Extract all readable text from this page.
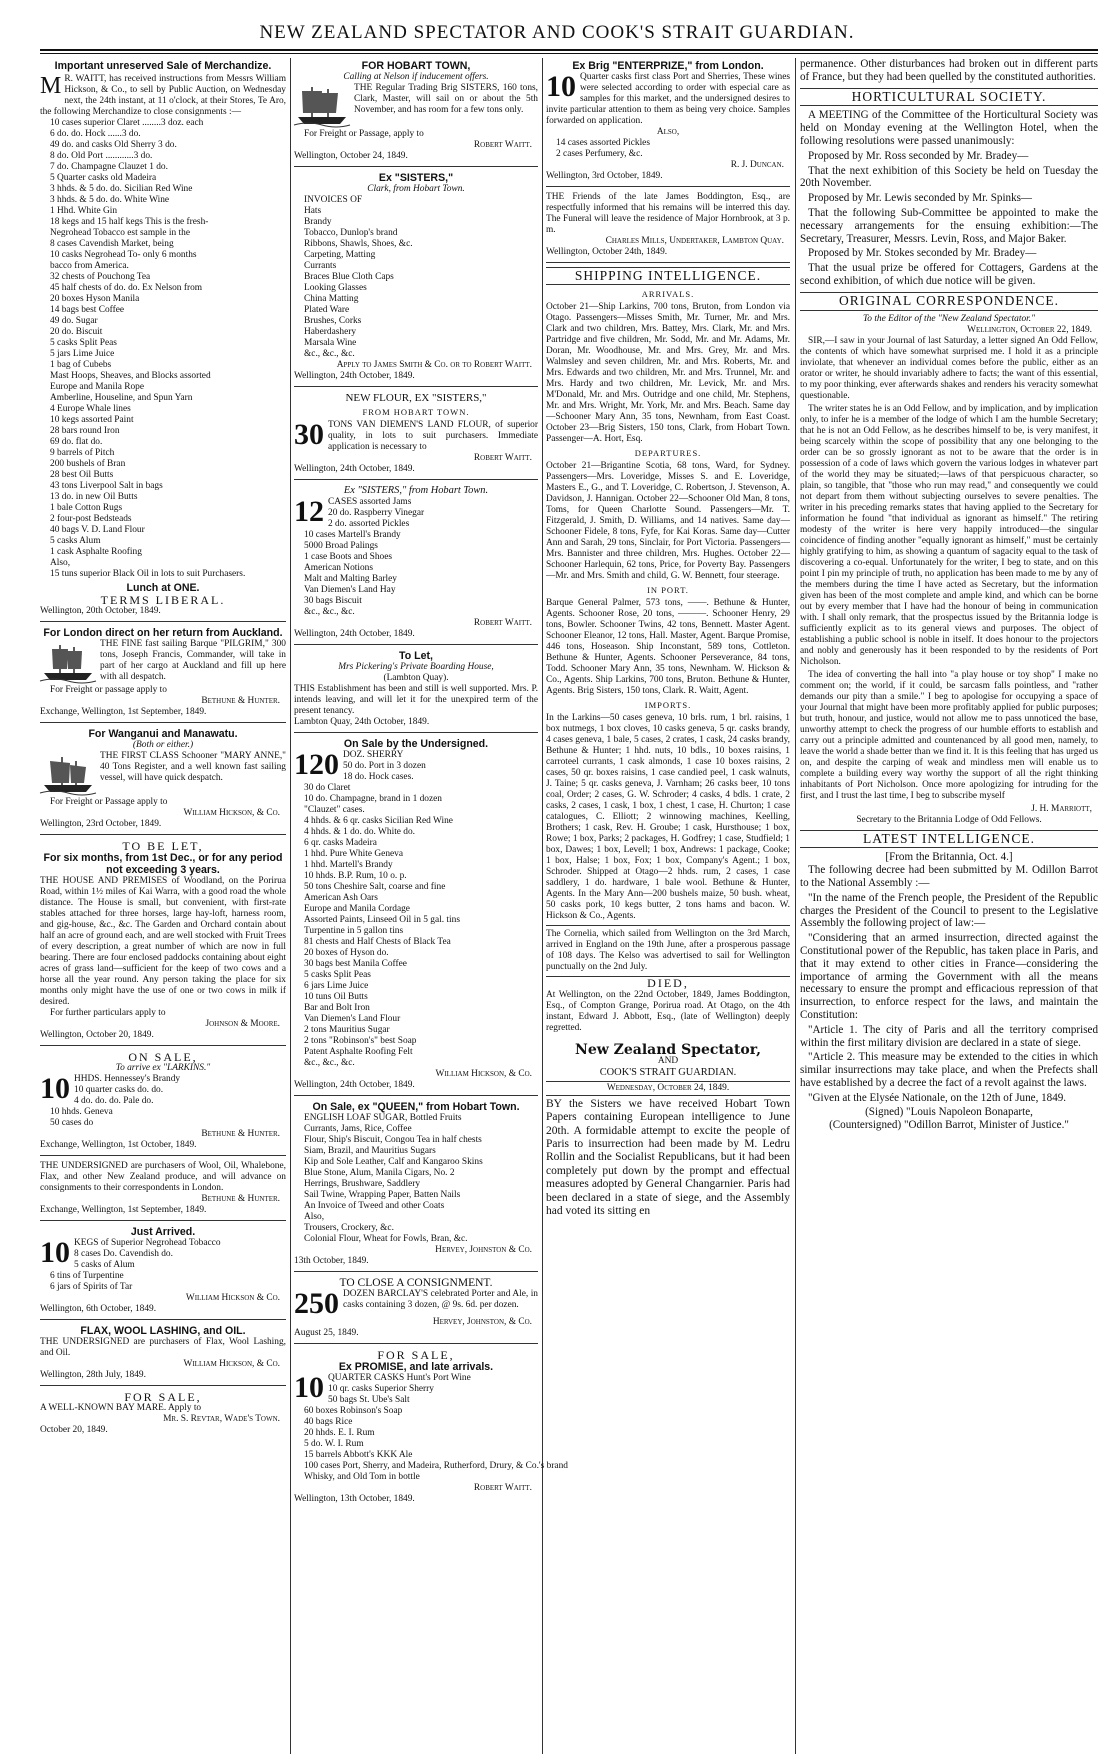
NEW ZEALAND SPECTATOR AND COOK'S STRAIT GUARDIAN.
Important unreserved Sale of Merchandize.
M R. WAITT, has received instructions from Messrs William Hickson, & Co., to sell by Public Auction, on Wednesday next, the 24th instant, at 11 o'clock, at their Stores, Te Aro, the following Merchandize to close consignments :—
10 cases superior Claret ........3 doz. each
6 do. do. Hock ......3 do.
49 do. and casks Old Sherry 3 do.
8 do. Old Port ............3 do.
7 do. Champagne Clauzet 1 do.
5 Quarter casks old Madeira
3 hhds. & 5 do. do. Sicilian Red Wine
3 hhds. & 5 do. do. White Wine
1 Hhd. White Gin
18 kegs and 15 half kegs This is the fresh-
Negrohead Tobacco est sample in the
8 cases Cavendish Market, being
10 casks Negrohead To- only 6 months
bacco from America.
32 chests of Pouchong Tea
45 half chests of do. do. Ex Nelson from
20 boxes Hyson Manila
14 bags best Coffee
49 do. Sugar
20 do. Biscuit
5 casks Split Peas
5 jars Lime Juice
1 bag of Cubebs
Mast Hoops, Sheaves, and Blocks assorted
Europe and Manila Rope
Amberline, Houseline, and Spun Yarn
4 Europe Whale lines
10 kegs assorted Paint
28 bars round Iron
69 do. flat do.
9 barrels of Pitch
200 bushels of Bran
28 best Oil Butts
43 tons Liverpool Salt in bags
13 do. in new Oil Butts
1 bale Cotton Rugs
2 four-post Bedsteads
40 bags V. D. Land Flour
5 casks Alum
1 cask Asphalte Roofing
Also,
15 tuns superior Black Oil in lots to suit Purchasers.
Lunch at ONE.
TERMS LIBERAL.
Wellington, 20th October, 1849.
For London direct on her return from Auckland.
THE FINE fast sailing Barque "PILGRIM," 300 tons, Joseph Francis, Commander, will take in part of her cargo at Auckland and fill up here with all despatch.
For Freight or passage apply to
Bethune & Hunter.
Exchange, Wellington, 1st September, 1849.
For Wanganui and Manawatu.
(Both or either.)
THE FIRST CLASS Schooner "MARY ANNE," 40 Tons Register, and a well known fast sailing vessel, will have quick despatch.
For Freight or Passage apply to
William Hickson, & Co.
Wellington, 23rd October, 1849.
TO BE LET,
For six months, from 1st Dec., or for any period not exceeding 3 years.
THE HOUSE AND PREMISES of Woodland, on the Porirua Road, within 1½ miles of Kai Warra, with a good road the whole distance. The House is small, but convenient, with first-rate stables attached for three horses, large hay-loft, harness room, and gig-house, &c., &c. The Garden and Orchard contain about half an acre of ground each, and are well stocked with Fruit Trees of every description, a great number of which are now in full bearing. There are four enclosed paddocks containing about eight acres of grass land—sufficient for the keep of two cows and a horse all the year round. Any person taking the place for six months only might have the use of one or two cows in milk if desired.
For further particulars apply to
Johnson & Moore.
Wellington, October 20, 1849.
ON SALE,
To arrive ex "LARKINS."
10 HHDS. Hennessey's Brandy
10 quarter casks do. do.
4 do. do. do. Pale do.
10 hhds. Geneva
50 cases do
Bethune & Hunter.
Exchange, Wellington, 1st October, 1849.
THE UNDERSIGNED are purchasers of Wool, Oil, Whalebone, Flax, and other New Zealand produce, and will advance on consignments to their correspondents in London.
Bethune & Hunter.
Exchange, Wellington, 1st September, 1849.
Just Arrived.
10 KEGS of Superior Negrohead Tobacco
8 cases Do. Cavendish do.
5 casks of Alum
6 tins of Turpentine
6 jars of Spirits of Tar
William Hickson & Co.
Wellington, 6th October, 1849.
FLAX, WOOL LASHING, and OIL.
THE UNDERSIGNED are purchasers of Flax, Wool Lashing, and Oil.
William Hickson, & Co.
Wellington, 28th July, 1849.
FOR SALE,
A WELL-KNOWN BAY MARE. Apply to
Mr. S. Revtar, Wade's Town.
October 20, 1849.
FOR HOBART TOWN,
Calling at Nelson if inducement offers.
THE Regular Trading Brig SISTERS, 160 tons, Clark, Master, will sail on or about the 5th November, and has room for a few tons only.
For Freight or Passage, apply to
Robert Waitt.
Wellington, October 24, 1849.
Ex "SISTERS,"
Clark, from Hobart Town.
INVOICES OF
Hats
Brandy
Tobacco, Dunlop's brand
Ribbons, Shawls, Shoes, &c.
Carpeting, Matting
Currants
Braces Blue Cloth Caps
Looking Glasses
China Matting
Plated Ware
Brushes, Corks
Haberdashery
Marsala Wine
&c., &c., &c.
Apply to James Smith & Co. or to Robert Waitt.
Wellington, 24th October, 1849.
NEW FLOUR, EX "SISTERS,"
FROM HOBART TOWN.
30 TONS VAN DIEMEN'S LAND FLOUR, of superior quality, in lots to suit purchasers. Immediate application is necessary to
Robert Waitt.
Wellington, 24th October, 1849.
Ex "SISTERS," from Hobart Town.
12 CASES assorted Jams
20 do. Raspberry Vinegar
2 do. assorted Pickles
10 cases Martell's Brandy
5000 Broad Palings
1 case Boots and Shoes
American Notions
Malt and Malting Barley
Van Diemen's Land Hay
30 bags Biscuit
&c., &c., &c.
Robert Waitt.
Wellington, 24th October, 1849.
To Let,
Mrs Pickering's Private Boarding House,
(Lambton Quay).
THIS Establishment has been and still is well supported. Mrs. P. intends leaving, and will let it for the unexpired term of the present tenancy.
Lambton Quay, 24th October, 1849.
On Sale by the Undersigned.
120 DOZ. SHERRY
50 do. Port in 3 dozen
18 do. Hock cases.
30 do Claret
10 do. Champagne, brand in 1 dozen
"Clauzet" cases.
4 hhds. & 6 qr. casks Sicilian Red Wine
4 hhds. & 1 do. do. White do.
6 qr. casks Madeira
1 hhd. Pure White Geneva
1 hhd. Martell's Brandy
10 hhds. B.P. Rum, 10 o. p.
50 tons Cheshire Salt, coarse and fine
American Ash Oars
Europe and Manila Cordage
Assorted Paints, Linseed Oil in 5 gal. tins
Turpentine in 5 gallon tins
81 chests and Half Chests of Black Tea
20 boxes of Hyson do.
30 bags best Manila Coffee
5 casks Split Peas
6 jars Lime Juice
10 tuns Oil Butts
Bar and Bolt Iron
Van Diemen's Land Flour
2 tons Mauritius Sugar
2 tons "Robinson's" best Soap
Patent Asphalte Roofing Felt
&c., &c., &c.
William Hickson, & Co.
Wellington, 24th October, 1849.
On Sale, ex "QUEEN," from Hobart Town.
ENGLISH LOAF SUGAR, Bottled Fruits
Currants, Jams, Rice, Coffee
Flour, Ship's Biscuit, Congou Tea in half chests
Siam, Brazil, and Mauritius Sugars
Kip and Sole Leather, Calf and Kangaroo Skins
Blue Stone, Alum, Manila Cigars, No. 2
Herrings, Brushware, Saddlery
Sail Twine, Wrapping Paper, Batten Nails
An Invoice of Tweed and other Coats
Also,
Trousers, Crockery, &c.
Colonial Flour, Wheat for Fowls, Bran, &c.
Hervey, Johnston & Co.
13th October, 1849.
TO CLOSE A CONSIGNMENT.
250 DOZEN BARCLAY'S celebrated Porter and Ale, in casks containing 3 dozen, @ 9s. 6d. per dozen.
Hervey, Johnston, & Co.
August 25, 1849.
FOR SALE,
Ex PROMISE, and late arrivals.
10 QUARTER CASKS Hunt's Port Wine
10 qr. casks Superior Sherry
50 bags St. Ube's Salt
60 boxes Robinson's Soap
40 bags Rice
20 hhds. E. I. Rum
5 do. W. I. Rum
15 barrels Abbott's KKK Ale
100 cases Port, Sherry, and Madeira, Rutherford, Drury, & Co.'s brand
Whisky, and Old Tom in bottle
Robert Waitt.
Wellington, 13th October, 1849.
Ex Brig "ENTERPRIZE," from London.
10 Quarter casks first class Port and Sherries, These wines were selected according to order with especial care as samples for this market, and the undersigned desires to invite particular attention to them as being very choice. Samples forwarded on application.
Also,
14 cases assorted Pickles
2 cases Perfumery, &c.
R. J. Duncan.
Wellington, 3rd October, 1849.
THE Friends of the late James Boddington, Esq., are respectfully informed that his remains will be interred this day. The Funeral will leave the residence of Major Hornbrook, at 3 p. m.
Charles Mills, Undertaker, Lambton Quay.
Wellington, October 24th, 1849.
SHIPPING INTELLIGENCE.
ARRIVALS.
October 21—Ship Larkins, 700 tons, Bruton, from London via Otago. Passengers—Misses Smith, Mr. Turner, Mr. and Mrs. Clark and two children, Mrs. Battey, Mrs. Clark, Mr. and Mrs. Partridge and five children, Mr. Sodd, Mr. and Mr. Adams, Mr. Doran, Mr. Woodhouse, Mr. and Mrs. Grey, Mr. and Mrs. Walmsley and seven children, Mr. and Mrs. Roberts, Mr. and Mrs. Edwards and two children, Mr. and Mrs. Trunnel, Mr. and Mrs. Hardy and two children, Mr. Levick, Mr. and Mrs. M'Donald, Mr. and Mrs. Outridge and one child, Mr. Stephens, Mr. and Mrs. Wright, Mr. York, Mr. and Mrs. Beach. Same day—Schooner Mary Ann, 35 tons, Newnham, from East Coast. October 23—Brig Sisters, 150 tons, Clark, from Hobart Town. Passenger—A. Hort, Esq.
DEPARTURES.
October 21—Brigantine Scotia, 68 tons, Ward, for Sydney. Passengers—Mrs. Loveridge, Misses S. and E. Loveridge, Masters E., G., and T. Loveridge, C. Robertson, J. Stevenson, A. Davidson, J. Hannigan. October 22—Schooner Old Man, 8 tons, Toms, for Queen Charlotte Sound. Passengers—Mr. T. Fitzgerald, J. Smith, D. Williams, and 14 natives. Same day—Schooner Fidele, 8 tons, Fyfe, for Kai Koras. Same day—Cutter Ann and Sarah, 29 tons, Sinclair, for Port Victoria. Passengers—Mrs. Bannister and three children, Mrs. Hughes. October 22—Schooner Harlequin, 62 tons, Price, for Poverty Bay. Passengers—Mr. and Mrs. Smith and child, G. W. Bennett, four steerage.
IN PORT.
Barque General Palmer, 573 tons, ——. Bethune & Hunter, Agents. Schooner Rose, 20 tons, ———. Schooner Henry, 29 tons, Bowler. Schooner Twins, 42 tons, Bennett. Master Agent. Schooner Eleanor, 12 tons, Hall. Master, Agent. Barque Promise, 446 tons, Hoseason. Ship Inconstant, 589 tons, Cottleton. Bethune & Hunter, Agents. Schooner Perseverance, 84 tons, Todd. Schooner Mary Ann, 35 tons, Newnham. W. Hickson & Co., Agents. Ship Larkins, 700 tons, Bruton. Bethune & Hunter, Agents. Brig Sisters, 150 tons, Clark. R. Waitt, Agent.
IMPORTS.
In the Larkins—50 cases geneva, 10 brls. rum, 1 brl. raisins, 1 box nutmegs, 1 box cloves, 10 casks geneva, 5 qr. casks brandy, 4 cases geneva, 1 bale, 5 cases, 2 crates, 1 cask, 24 casks brandy, Bethune & Hunter; 1 hhd. nuts, 10 bdls., 10 boxes raisins, 1 carroteel currants, 1 cask almonds, 1 case 10 boxes raisins, 2 cases, 50 qr. boxes raisins, 1 case candied peel, 1 cask walnuts, J. Taine; 5 qr. casks geneva, J. Varnham; 26 casks beer, 10 tons coal, Order; 2 cases, G. W. Schroder; 4 casks, 4 bdls. 1 crate, 2 casks, 2 cases, 1 cask, 1 box, 1 chest, 1 case, H. Churton; 1 case catalogues, C. Elliott; 2 winnowing machines, Keelling, Brothers; 1 cask, Rev. H. Groube; 1 cask, Hursthouse; 1 box, Rowe; 1 box, Parks; 2 packages, H. Godfrey; 1 case, Studfield; 1 box, Dawes; 1 box, Levell; 1 box, Andrews: 1 package, Cooke; 1 box, Halse; 1 box, Fox; 1 box, Company's Agent.; 1 box, Schroder. Shipped at Otago—2 hhds. rum, 2 cases, 1 case saddlery, 1 do. hardware, 1 bale wool. Bethune & Hunter, Agents. In the Mary Ann—200 bushels maize, 50 bush. wheat, 50 casks pork, 10 kegs butter, 2 tons hams and bacon. W. Hickson & Co., Agents.
The Cornelia, which sailed from Wellington on the 3rd March, arrived in England on the 19th June, after a prosperous passage of 108 days. The Kelso was advertised to sail for Wellington punctually on the 2nd July.
DIED,
At Wellington, on the 22nd October, 1849, James Boddington, Esq., of Compton Grange, Porirua road. At Otago, on the 4th instant, Edward J. Abbott, Esq., (late of Wellington) deeply regretted.
New Zealand Spectator,
AND
COOK'S STRAIT GUARDIAN.
Wednesday, October 24, 1849.
BY the Sisters we have received Hobart Town Papers containing European intelligence to June 20th. A formidable attempt to excite the people of Paris to insurrection had been made by M. Ledru Rollin and the Socialist Republicans, but it had been completely put down by the prompt and effectual measures adopted by General Changarnier. Paris had been declared in a state of siege, and the Assembly had voted its sitting en
permanence. Other disturbances had broken out in different parts of France, but they had been quelled by the constituted authorities.
HORTICULTURAL SOCIETY.

A MEETING of the Committee of the Horticultural Society was held on Monday evening at the Wellington Hotel, when the following resolutions were passed unanimously:

Proposed by Mr. Ross seconded by Mr. Bradey—

That the next exhibition of this Society be held on Tuesday the 20th November.

Proposed by Mr. Lewis seconded by Mr. Spinks—

That the following Sub-Committee be appointed to make the necessary arrangements for the ensuing exhibition:—The Secretary, Treasurer, Messrs. Levin, Ross, and Major Baker.

Proposed by Mr. Stokes seconded by Mr. Bradey—

That the usual prize be offered for Cottagers, Gardens at the second exhibition, of which due notice will be given.

ORIGINAL CORRESPONDENCE.
To the Editor of the "New Zealand Spectator."
Wellington, October 22, 1849.

SIR,—I saw in your Journal of last Saturday, a letter signed An Odd Fellow, the contents of which have somewhat surprised me. I hold it as a principle inviolate, that whenever an individual comes before the public, either as an orator or writer, he should invariably adhere to facts; the want of this essential, to my poor thinking, ever afterwards shakes and renders his veracity somewhat questionable.

The writer states he is an Odd Fellow, and by implication, and by implication only, to infer he is a member of the lodge of which I am the humble Secretary; that he is not an Odd Fellow, as he describes himself to be, is very manifest, it being scarcely within the scope of possibility that any one belonging to the order can be so grossly ignorant as not to be aware that the order is in possession of a code of laws which govern the various lodges in whatever part of the world they may be situated;—laws of that perspicuous character, so plain, so tangible, that "those who run may read," and consequently we could not depart from them without subjecting ourselves to severe penalties. The writer in his preceding remarks states that having applied to the Secretary for information he found "that individual as ignorant as himself." The retiring modesty of the writer is here very happily introduced—the singular coincidence of finding another "equally ignorant as himself," must be certainly highly gratifying to him, as showing a quantum of sagacity equal to the task of discovering a co-equal. Unfortunately for the writer, I beg to state, and on this point I pin my principle of truth, no application has been made to me by any of the members during the time I have acted as Secretary, but the information given has been of the most complete and ample kind, and which can be borne out by every member that I have had the honour of being in communication with. I shall only remark, that the prospectus issued by the Britannia lodge is sufficiently explicit as to its general views and purposes. The object of establishing a public school is noble in itself. It does honour to the projectors and nobly and generously has it been responded to by the residents of Port Nicholson.

The idea of converting the hall into "a play house or toy shop" I make no comment on; the world, if it could, be sarcasm falls pointless, and "rather demands our pity than a smile." I beg to apologise for occupying a space of your Journal that might have been more profitably applied for public purposes; but truth, honour, and justice, would not allow me to pass unnoticed the base, unworthy attempt to check the progress of our humble efforts to establish and carry out a principle admitted and countenanced by all good men, namely, to leave the world a shade better than we find it. It is this feeling that has urged us on, and despite the carping of weak and mindless men will enable us to complete a building every way worthy the support of all the right thinking inhabitants of Port Nicholson. Once more apologizing for intruding for the first, and I trust the last time, I beg to subscribe myself

J. H. Marriott,
Secretary to the Britannia Lodge of Odd Fellows.
LATEST INTELLIGENCE.
[From the Britannia, Oct. 4.]

The following decree had been submitted by M. Odillon Barrot to the National Assembly :—

"In the name of the French people, the President of the Republic charges the President of the Council to present to the Legislative Assembly the following project of law:—

"Considering that an armed insurrection, directed against the Constitutional power of the Republic, has taken place in Paris, and that it may extend to other cities in France—considering the importance of arming the Government with all the means necessary to ensure the prompt and efficacious repression of that insurrection, to enforce respect for the laws, and maintain the Constitution:

"Article 1. The city of Paris and all the territory comprised within the first military division are declared in a state of siege.

"Article 2. This measure may be extended to the cities in which similar insurrections may take place, and when the Prefects shall have established by a decree the fact of a revolt against the laws.

"Given at the Elysée Nationale, on the 12th of June, 1849.

(Signed) "Louis Napoleon Bonaparte,
(Countersigned) "Odillon Barrot, Minister of Justice."
